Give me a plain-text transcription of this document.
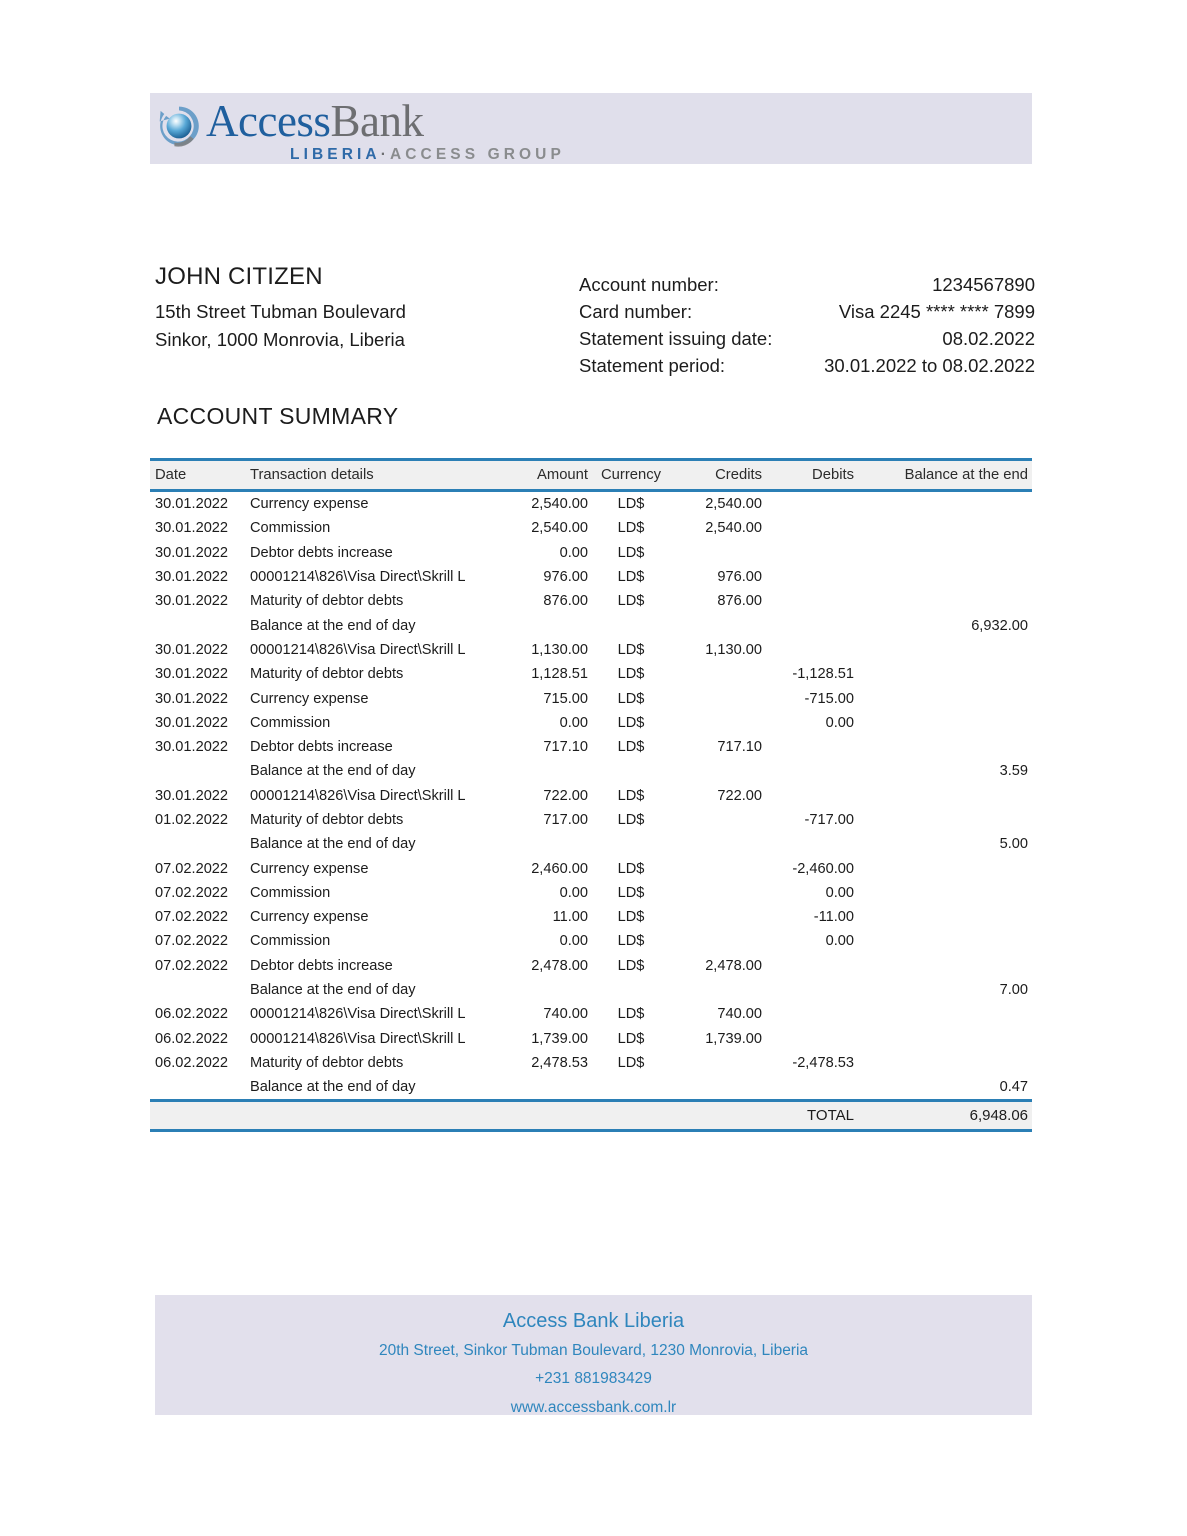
AccessBank
LIBERIA·ACCESS GROUP
JOHN CITIZEN
15th Street Tubman Boulevard
Sinkor, 1000 Monrovia, Liberia
Account number:	1234567890
Card number:	Visa 2245 **** **** 7899
Statement issuing date:	08.02.2022
Statement period:	30.01.2022 to 08.02.2022
ACCOUNT SUMMARY

Date	Transaction details	Amount	Currency	Credits	Debits	Balance at the end

30.01.2022	Currency expense	2,540.00	LD$	2,540.00		
30.01.2022	Commission	2,540.00	LD$	2,540.00		
30.01.2022	Debtor debts increase	0.00	LD$			
30.01.2022	00001214\826\Visa Direct\Skrill L	976.00	LD$	976.00		
30.01.2022	Maturity of debtor debts	876.00	LD$	876.00		
	Balance at the end of day					6,932.00
30.01.2022	00001214\826\Visa Direct\Skrill L	1,130.00	LD$	1,130.00		
30.01.2022	Maturity of debtor debts	1,128.51	LD$		-1,128.51	
30.01.2022	Currency expense	715.00	LD$		-715.00	
30.01.2022	Commission	0.00	LD$		0.00	
30.01.2022	Debtor debts increase	717.10	LD$	717.10		
	Balance at the end of day					3.59
30.01.2022	00001214\826\Visa Direct\Skrill L	722.00	LD$	722.00		
01.02.2022	Maturity of debtor debts	717.00	LD$		-717.00	
	Balance at the end of day					5.00
07.02.2022	Currency expense	2,460.00	LD$		-2,460.00	
07.02.2022	Commission	0.00	LD$		0.00	
07.02.2022	Currency expense	11.00	LD$		-11.00	
07.02.2022	Commission	0.00	LD$		0.00	
07.02.2022	Debtor debts increase	2,478.00	LD$	2,478.00		
	Balance at the end of day					7.00
06.02.2022	00001214\826\Visa Direct\Skrill L	740.00	LD$	740.00		
06.02.2022	00001214\826\Visa Direct\Skrill L	1,739.00	LD$	1,739.00		
06.02.2022	Maturity of debtor debts	2,478.53	LD$		-2,478.53	
	Balance at the end of day					0.47

					TOTAL	6,948.06

Access Bank Liberia
20th Street, Sinkor Tubman Boulevard, 1230 Monrovia, Liberia
+231 881983429
www.accessbank.com.lr
